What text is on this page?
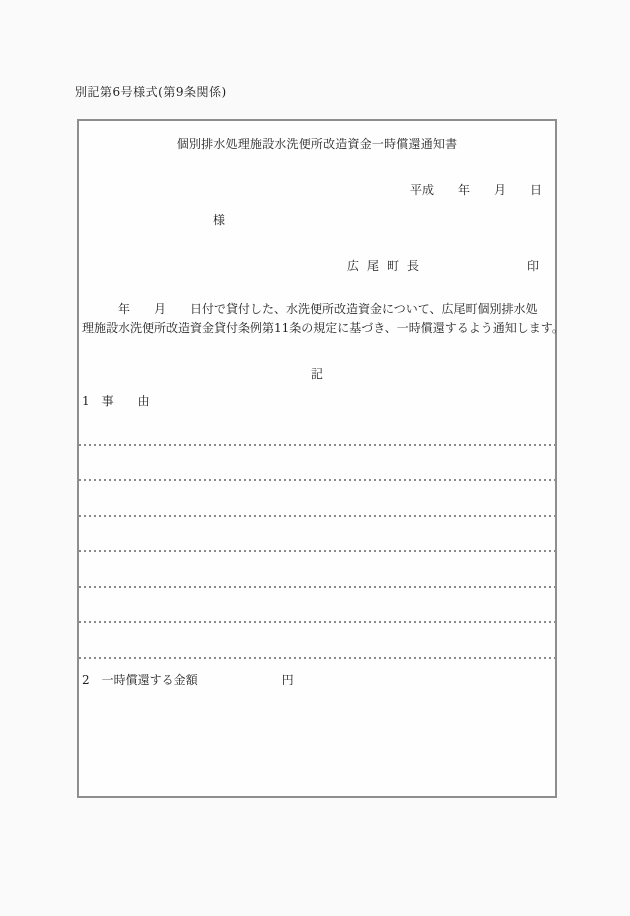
別記第6号様式(第9条関係)
個別排水処理施設水洗便所改造資金一時償還通知書
平成　　年　　月　　日
様
広尾町長	印
　　　年　　月　　日付で貸付した、水洗便所改造資金について、広尾町個別排水処
理施設水洗便所改造資金貸付条例第11条の規定に基づき、一時償還するよう通知します。
記
1　事　　由
2　一時償還する金額　　　　　　　円
